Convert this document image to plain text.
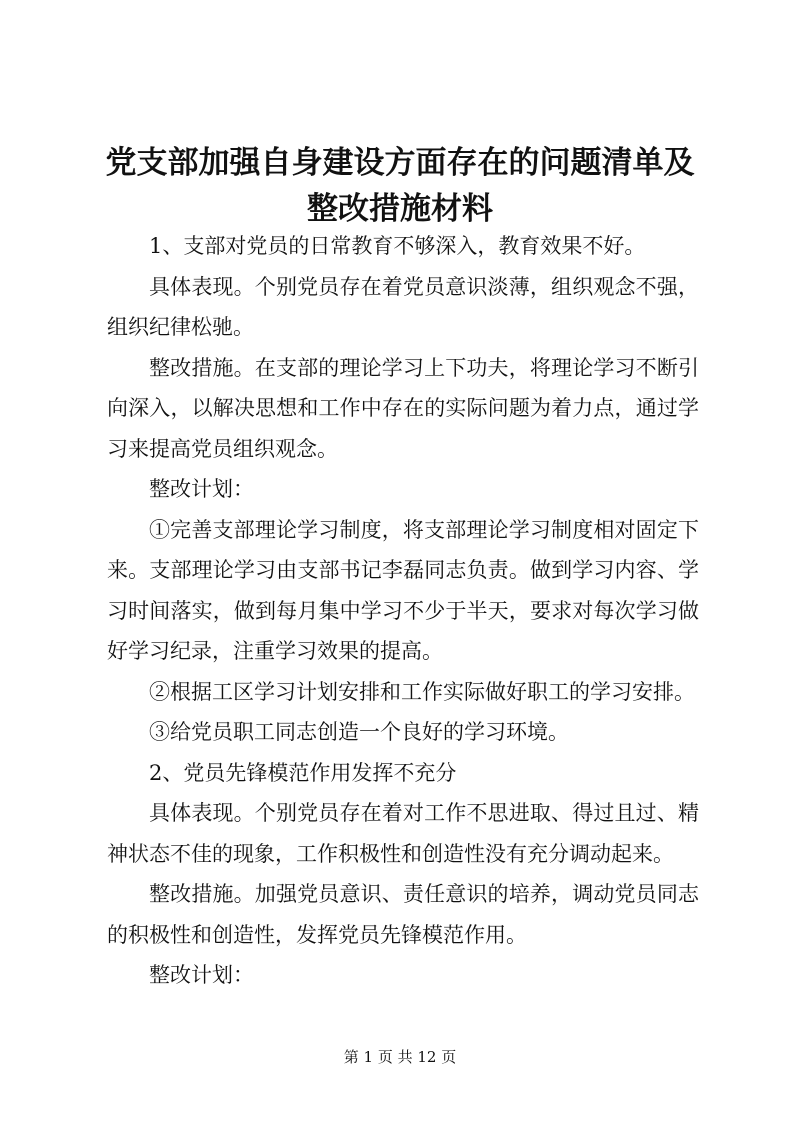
党支部加强自身建设方面存在的问题清单及整改措施材料

1、支部对党员的日常教育不够深入，教育效果不好。

具体表现。个别党员存在着党员意识淡薄，组织观念不强，组织纪律松驰。

整改措施。在支部的理论学习上下功夫，将理论学习不断引向深入，以解决思想和工作中存在的实际问题为着力点，通过学习来提高党员组织观念。

整改计划：

①完善支部理论学习制度，将支部理论学习制度相对固定下来。支部理论学习由支部书记李磊同志负责。做到学习内容、学习时间落实，做到每月集中学习不少于半天，要求对每次学习做好学习纪录，注重学习效果的提高。

②根据工区学习计划安排和工作实际做好职工的学习安排。

③给党员职工同志创造一个良好的学习环境。

2、党员先锋模范作用发挥不充分

具体表现。个别党员存在着对工作不思进取、得过且过、精神状态不佳的现象，工作积极性和创造性没有充分调动起来。

整改措施。加强党员意识、责任意识的培养，调动党员同志的积极性和创造性，发挥党员先锋模范作用。

整改计划：

第 1 页 共 12 页
